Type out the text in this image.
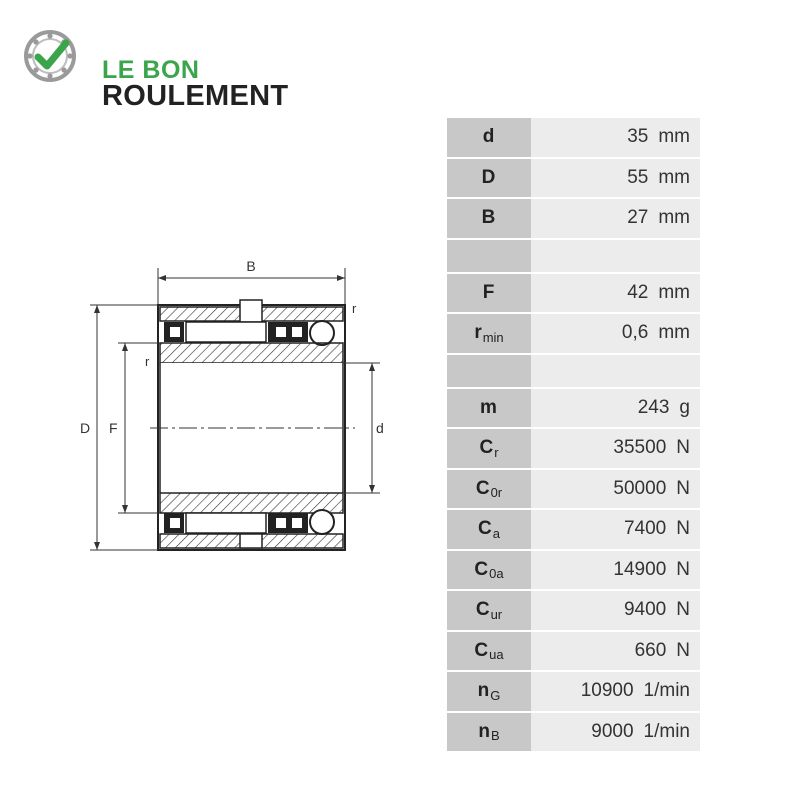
LE BON
ROULEMENT
B
r
r
D F	d
d	35 mm
D	55 mm
B	27 mm
F	42 mm
$r_{min}$	0,6 mm
m	243 g
$C_r$	35500 N
$C_{0r}$	50000 N
$C_a$	7400 N
$C_{0a}$	14900 N
$C_{ur}$	9400 N
$C_{ua}$	660 N
$n_G$	10900 1/min
$n_B$	9000 1/min
